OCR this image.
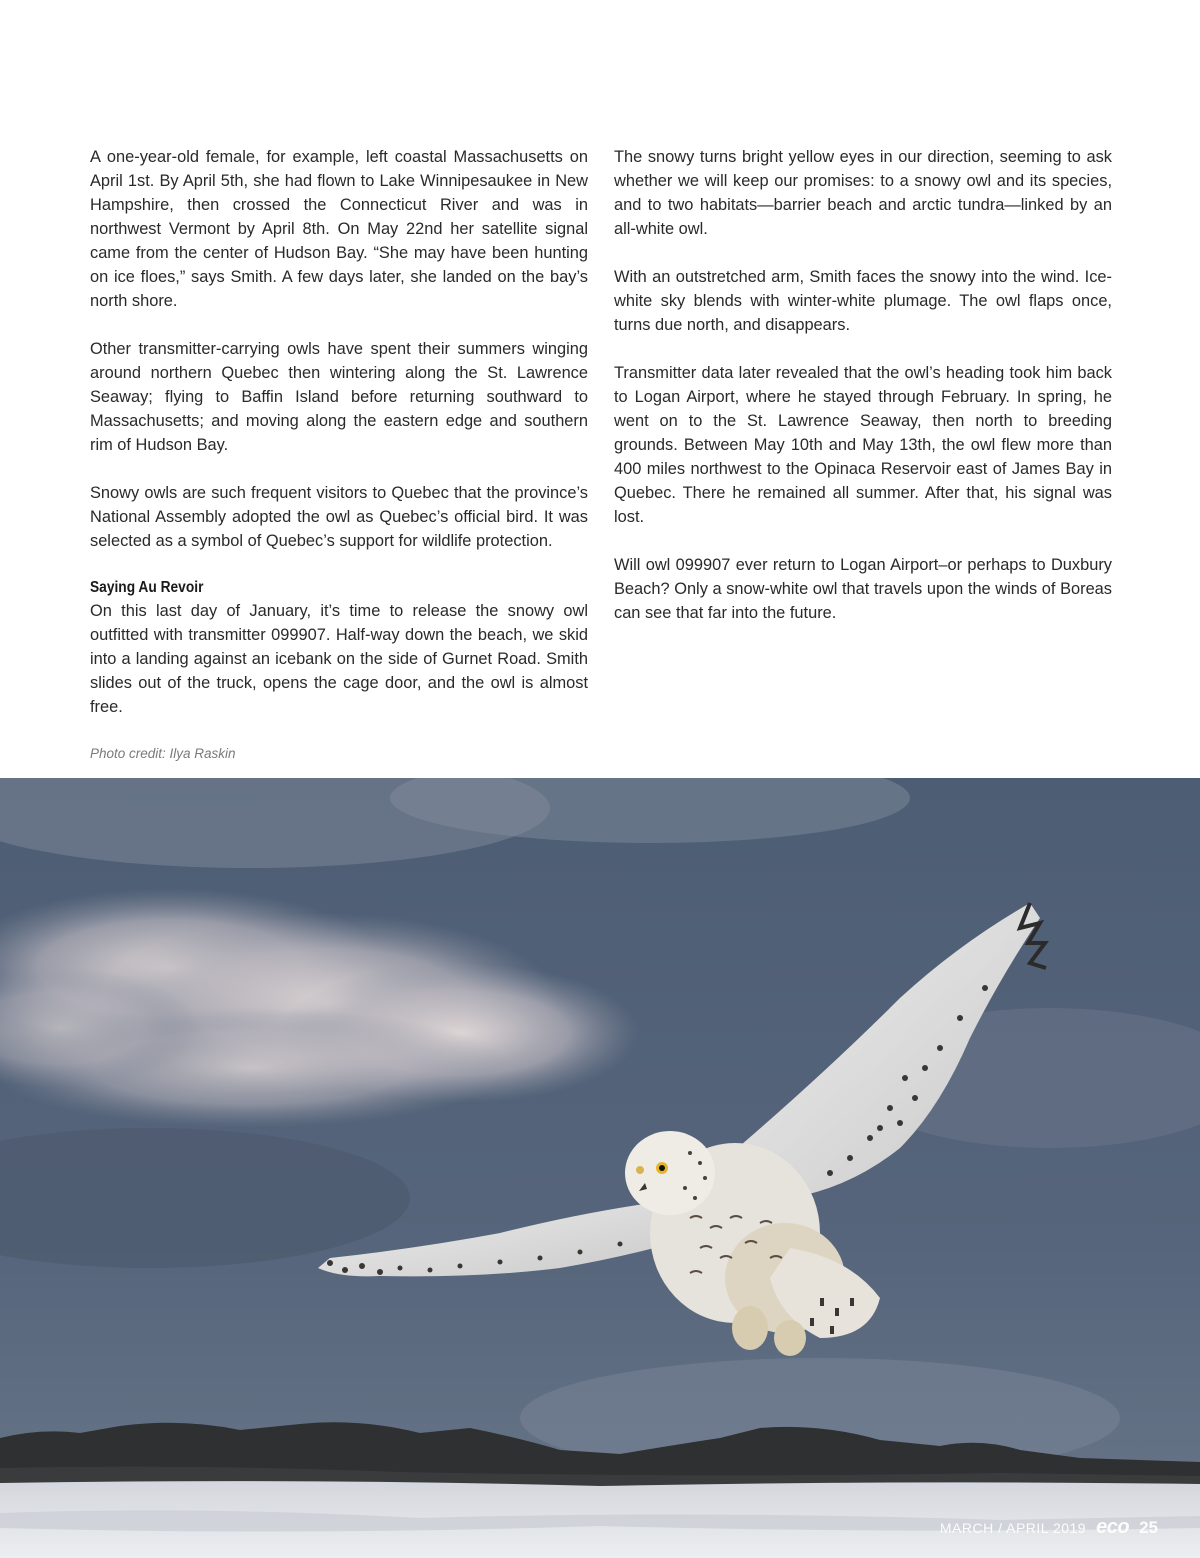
A one-year-old female, for example, left coastal Massachusetts on April 1st. By April 5th, she had flown to Lake Winnipesaukee in New Hampshire, then crossed the Connecticut River and was in northwest Vermont by April 8th. On May 22nd her satellite signal came from the center of Hudson Bay. “She may have been hunting on ice floes,” says Smith. A few days later, she landed on the bay’s north shore.

Other transmitter-carrying owls have spent their summers winging around northern Quebec then wintering along the St. Lawrence Seaway; flying to Baffin Island before returning southward to Massachusetts; and moving along the eastern edge and southern rim of Hudson Bay.

Snowy owls are such frequent visitors to Quebec that the province’s National Assembly adopted the owl as Quebec’s official bird. It was selected as a symbol of Quebec’s support for wildlife protection.

Saying Au Revoir

On this last day of January, it’s time to release the snowy owl outfitted with transmitter 099907. Half-way down the beach, we skid into a landing against an icebank on the side of Gurnet Road. Smith slides out of the truck, opens the cage door, and the owl is almost free.

The snowy turns bright yellow eyes in our direction, seeming to ask whether we will keep our promises: to a snowy owl and its species, and to two habitats—barrier beach and arctic tundra—linked by an all-white owl.

With an outstretched arm, Smith faces the snowy into the wind. Ice-white sky blends with winter-white plumage. The owl flaps once, turns due north, and disappears.

Transmitter data later revealed that the owl’s heading took him back to Logan Airport, where he stayed through February. In spring, he went on to the St. Lawrence Seaway, then north to breeding grounds. Between May 10th and May 13th, the owl flew more than 400 miles northwest to the Opinaca Reservoir east of James Bay in Quebec. There he remained all summer. After that, his signal was lost.

Will owl 099907 ever return to Logan Airport–or perhaps to Duxbury Beach? Only a snow-white owl that travels upon the winds of Boreas can see that far into the future.

Photo credit: Ilya Raskin
MARCH / APRIL 2019 eco 25
